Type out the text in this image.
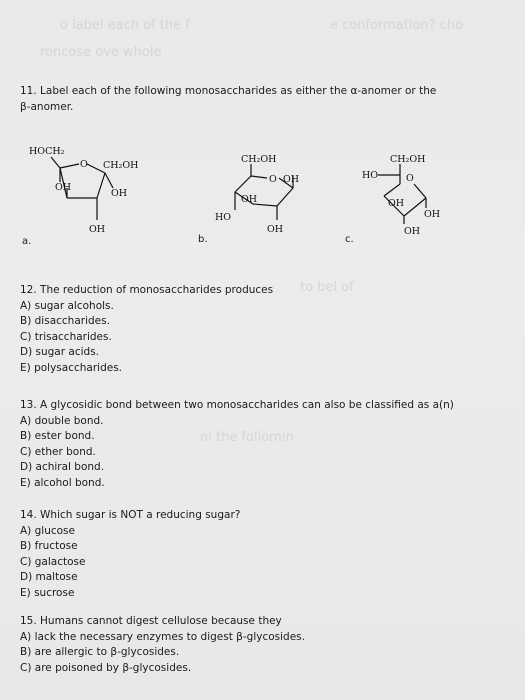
o label each of the f	e conformation? cho
roncose ove whole
to bel of
ni the follomin
11. Label each of the following monosaccharides as either the α-anomer or the
β-anomer.
HOCH₂
CH₂OH
O
OH
OH
OH
a.
CH₂OH
O OH
OH
HO
OH
b.
CH₂OH
HO	O
OH
OH
OH
c.
12. The reduction of monosaccharides produces
A) sugar alcohols.
B) disaccharides.
C) trisaccharides.
D) sugar acids.
E) polysaccharides.
13. A glycosidic bond between two monosaccharides can also be classified as a(n)
A) double bond.
B) ester bond.
C) ether bond.
D) achiral bond.
E) alcohol bond.
14. Which sugar is NOT a reducing sugar?
A) glucose
B) fructose
C) galactose
D) maltose
E) sucrose
15. Humans cannot digest cellulose because they
A) lack the necessary enzymes to digest β-glycosides.
B) are allergic to β-glycosides.
C) are poisoned by β-glycosides.
